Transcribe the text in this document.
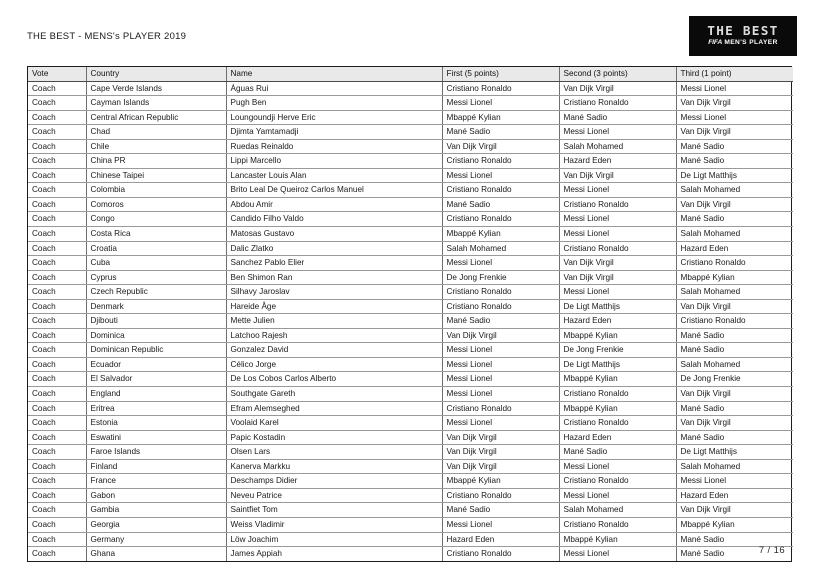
THE BEST - MENS's PLAYER 2019	THE BEST
FIFA MEN'S PLAYER
Vote	Country	Name	First (5 points)	Second (3 points)	Third (1 point)
Coach	Cape Verde Islands	Águas Rui	Cristiano Ronaldo	Van Dijk Virgil	Messi Lionel
Coach	Cayman Islands	Pugh Ben	Messi Lionel	Cristiano Ronaldo	Van Dijk Virgil
Coach	Central African Republic	Loungoundji Herve Eric	Mbappé Kylian	Mané Sadio	Messi Lionel
Coach	Chad	Djimta Yamtamadji	Mané Sadio	Messi Lionel	Van Dijk Virgil
Coach	Chile	Ruedas Reinaldo	Van Dijk Virgil	Salah Mohamed	Mané Sadio
Coach	China PR	Lippi Marcello	Cristiano Ronaldo	Hazard Eden	Mané Sadio
Coach	Chinese Taipei	Lancaster Louis Alan	Messi Lionel	Van Dijk Virgil	De Ligt Matthijs
Coach	Colombia	Brito Leal De Queiroz Carlos Manuel	Cristiano Ronaldo	Messi Lionel	Salah Mohamed
Coach	Comoros	Abdou Amir	Mané Sadio	Cristiano Ronaldo	Van Dijk Virgil
Coach	Congo	Candido Filho Valdo	Cristiano Ronaldo	Messi Lionel	Mané Sadio
Coach	Costa Rica	Matosas Gustavo	Mbappé Kylian	Messi Lionel	Salah Mohamed
Coach	Croatia	Dalic Zlatko	Salah Mohamed	Cristiano Ronaldo	Hazard Eden
Coach	Cuba	Sanchez Pablo Elier	Messi Lionel	Van Dijk Virgil	Cristiano Ronaldo
Coach	Cyprus	Ben Shimon Ran	De Jong Frenkie	Van Dijk Virgil	Mbappé Kylian
Coach	Czech Republic	Silhavy Jaroslav	Cristiano Ronaldo	Messi Lionel	Salah Mohamed
Coach	Denmark	Hareide Åge	Cristiano Ronaldo	De Ligt Matthijs	Van Dijk Virgil
Coach	Djibouti	Mette Julien	Mané Sadio	Hazard Eden	Cristiano Ronaldo
Coach	Dominica	Latchoo Rajesh	Van Dijk Virgil	Mbappé Kylian	Mané Sadio
Coach	Dominican Republic	Gonzalez David	Messi Lionel	De Jong Frenkie	Mané Sadio
Coach	Ecuador	Célico Jorge	Messi Lionel	De Ligt Matthijs	Salah Mohamed
Coach	El Salvador	De Los Cobos Carlos Alberto	Messi Lionel	Mbappé Kylian	De Jong Frenkie
Coach	England	Southgate Gareth	Messi Lionel	Cristiano Ronaldo	Van Dijk Virgil
Coach	Eritrea	Efram Alemseghed	Cristiano Ronaldo	Mbappé Kylian	Mané Sadio
Coach	Estonia	Voolaid Karel	Messi Lionel	Cristiano Ronaldo	Van Dijk Virgil
Coach	Eswatini	Papic Kostadin	Van Dijk Virgil	Hazard Eden	Mané Sadio
Coach	Faroe Islands	Olsen Lars	Van Dijk Virgil	Mané Sadio	De Ligt Matthijs
Coach	Finland	Kanerva Markku	Van Dijk Virgil	Messi Lionel	Salah Mohamed
Coach	France	Deschamps Didier	Mbappé Kylian	Cristiano Ronaldo	Messi Lionel
Coach	Gabon	Neveu Patrice	Cristiano Ronaldo	Messi Lionel	Hazard Eden
Coach	Gambia	Saintfiet Tom	Mané Sadio	Salah Mohamed	Van Dijk Virgil
Coach	Georgia	Weiss Vladimir	Messi Lionel	Cristiano Ronaldo	Mbappé Kylian
Coach	Germany	Löw Joachim	Hazard Eden	Mbappé Kylian	Mané Sadio
Coach	Ghana	James Appiah	Cristiano Ronaldo	Messi Lionel	Mané Sadio	7 / 16
